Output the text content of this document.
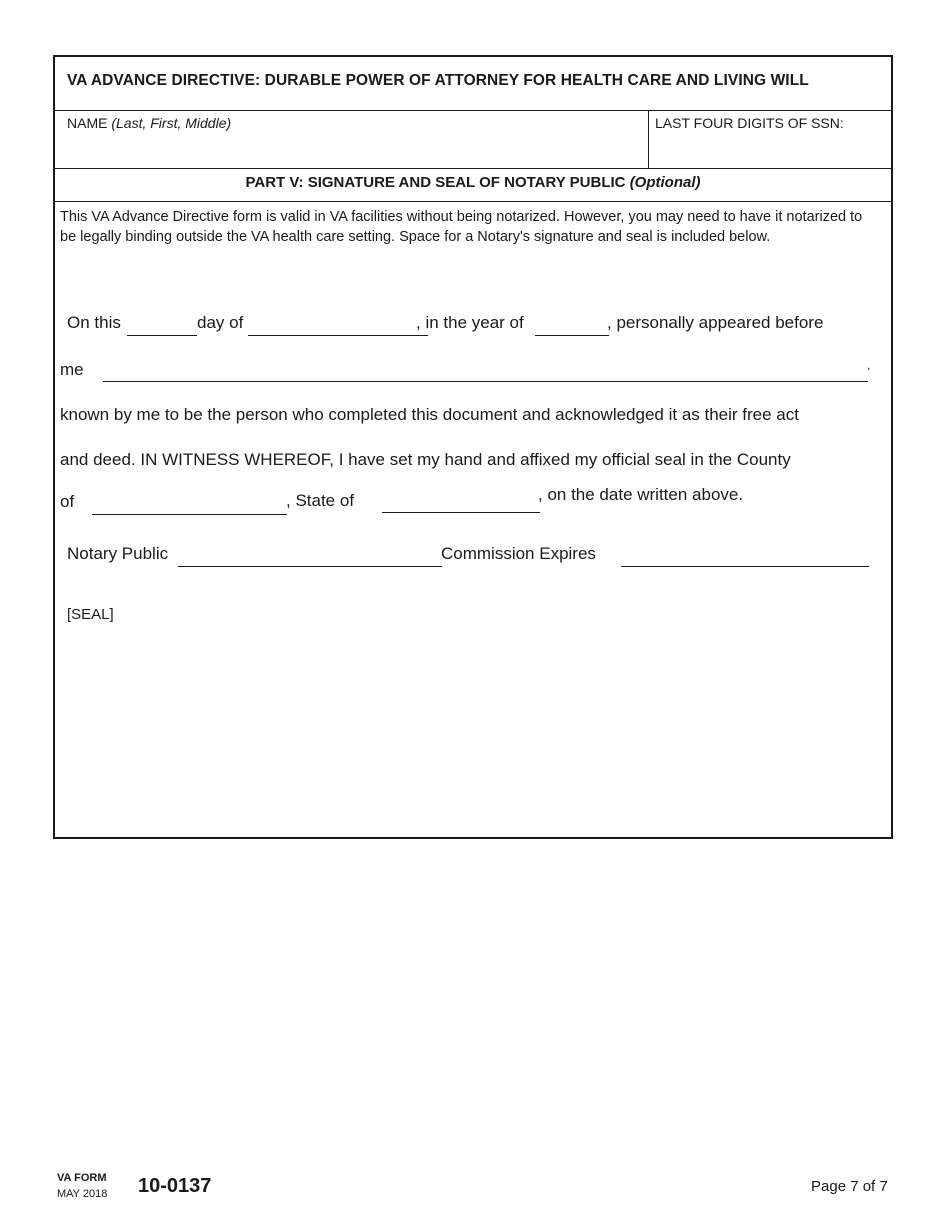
VA ADVANCE DIRECTIVE: DURABLE POWER OF ATTORNEY FOR HEALTH CARE AND LIVING WILL
NAME (Last, First, Middle)	LAST FOUR DIGITS OF SSN:
PART V: SIGNATURE AND SEAL OF NOTARY PUBLIC (Optional)
This VA Advance Directive form is valid in VA facilities without being notarized. However, you may need to have it notarized to be legally binding outside the VA health care setting. Space for a Notary's signature and seal is included below.
On this	day of	, in the year of	, personally appeared before
me	,
known by me to be the person who completed this document and acknowledged it as their free act
and deed. IN WITNESS WHEREOF, I have set my hand and affixed my official seal in the County
of	, State of	, on the date written above.
Notary Public	Commission Expires
[SEAL]
VA FORM
MAY 2018 10-0137	Page 7 of 7
